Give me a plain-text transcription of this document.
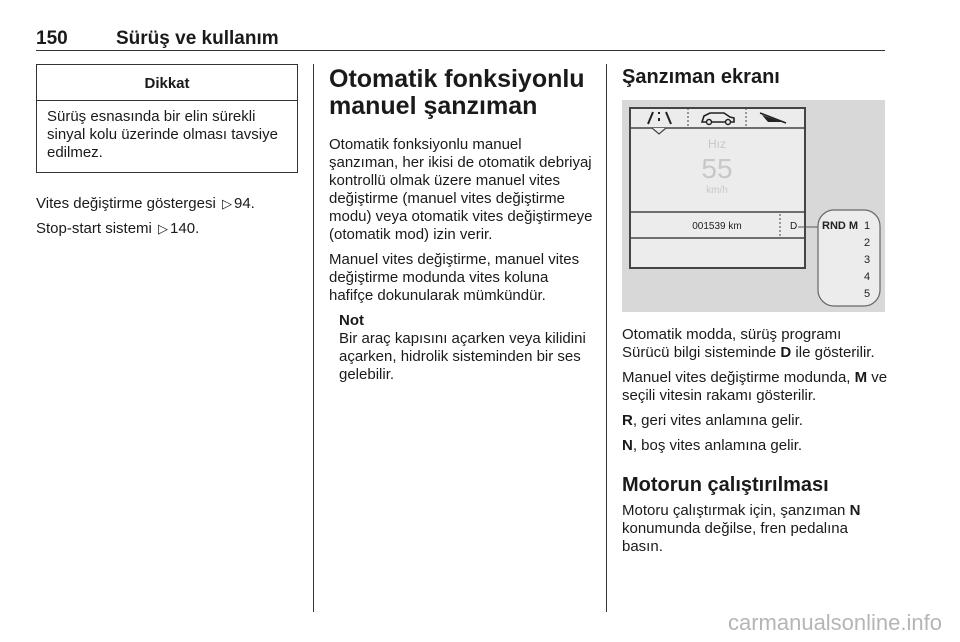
150	Sürüş ve kullanım
Dikkat
Sürüş esnasında bir elin sürekli sinyal kolu üzerinde olması tavsiye edilmez.

Vites değiştirme göstergesi ▷ 94.

Stop-start sistemi ▷ 140.

Otomatik fonksiyonlu manuel şanzıman

Otomatik fonksiyonlu manuel şanzıman, her ikisi de otomatik debriyaj kontrollü olmak üzere manuel vites değiştirme (manuel vites değiştirme modu) veya otomatik vites değiştirmeye (otomatik mod) izin verir.

Manuel vites değiştirme, manuel vites değiştirme modunda vites koluna hafifçe dokunularak mümkündür.

Not
Bir araç kapısını açarken veya kilidini açarken, hidrolik sisteminden bir ses gelebilir.
Şanzıman ekranı
Hız
55
km/h
001539 km	D RND M 1
2
3
4
5

Otomatik modda, sürüş programı Sürücü bilgi sisteminde D ile gösterilir.

Manuel vites değiştirme modunda, M ve seçili vitesin rakamı gösterilir.

R, geri vites anlamına gelir.

N, boş vites anlamına gelir.

Motorun çalıştırılması

Motoru çalıştırmak için, şanzıman N konumunda değilse, fren pedalına basın.

carmanualsonline.info
